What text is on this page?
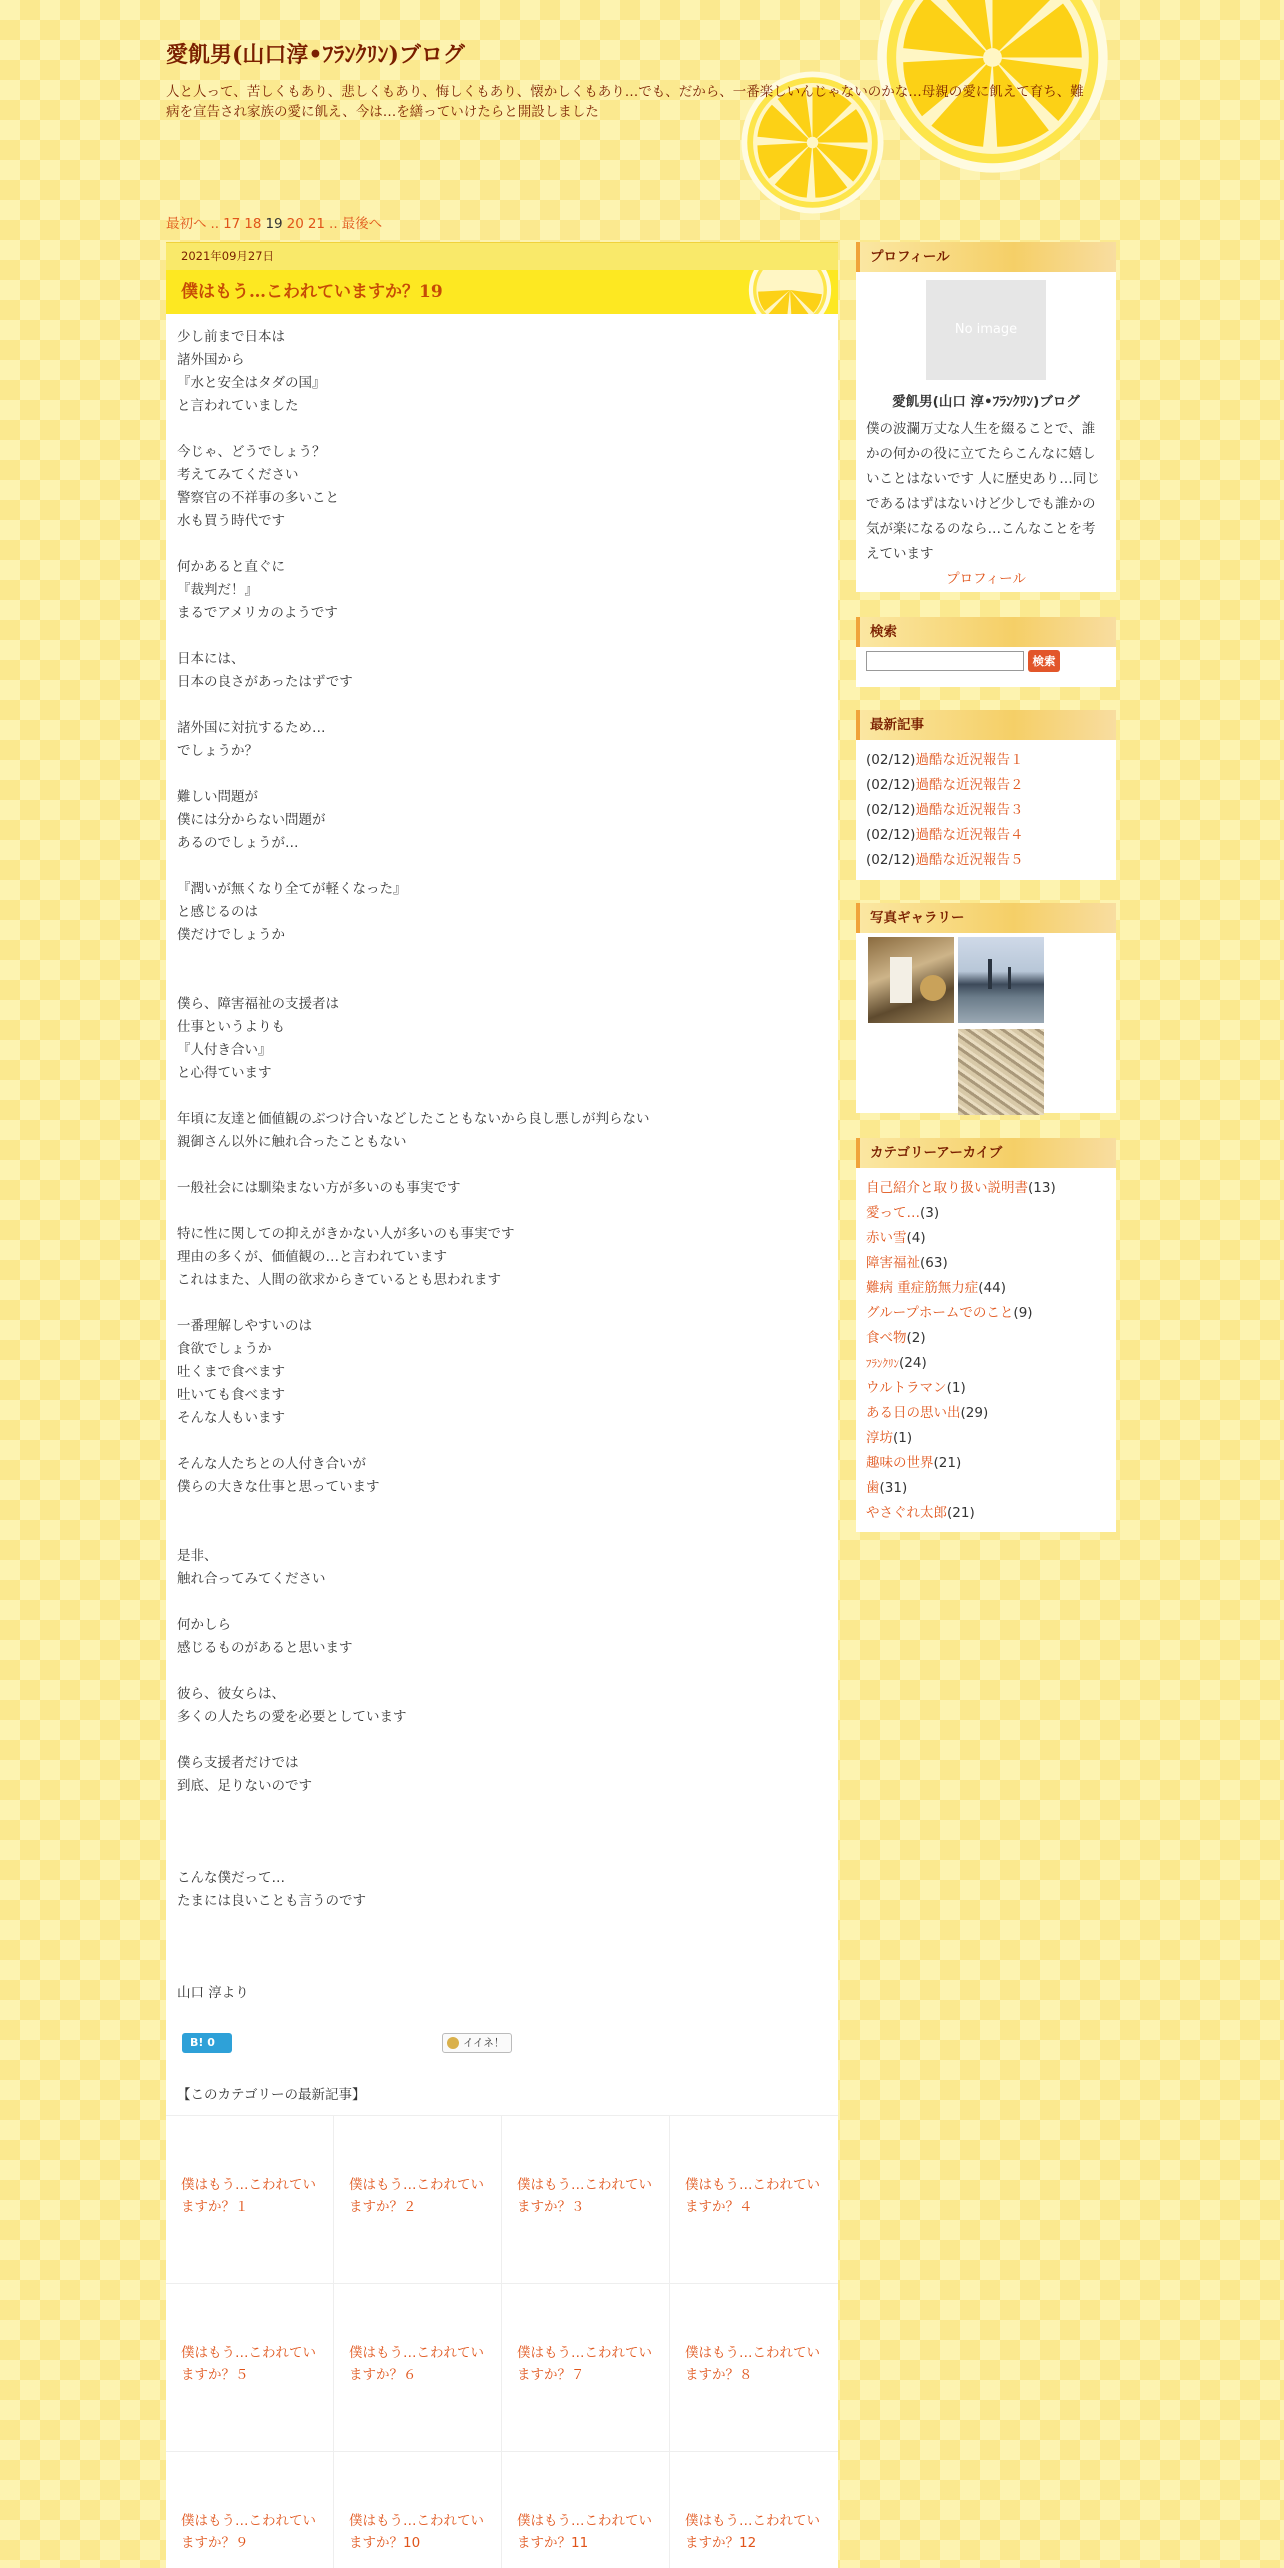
愛飢男(山口淳•ﾌﾗﾝｸﾘﾝ)ブログ
人と人って、苦しくもあり、悲しくもあり、悔しくもあり、懐かしくもあり…でも、だから、一番楽しいんじゃないのかな…母親の愛に飢えて育ち、難病を宣告され家族の愛に飢え、今は…を繕っていけたらと開設しました
最初へ .. 17 18 19 20 21 .. 最後へ
2021年09月27日
僕はもう…こわれていますか？19
少し前まで日本は
諸外国から
『水と安全はタダの国』
と言われていました
今じゃ、どうでしょう？
考えてみてください
警察官の不祥事の多いこと
水も買う時代です
何かあると直ぐに
『裁判だ！』
まるでアメリカのようです
日本には、
日本の良さがあったはずです
諸外国に対抗するため…
でしょうか？
難しい問題が
僕には分からない問題が
あるのでしょうが…
『潤いが無くなり全てが軽くなった』
と感じるのは
僕だけでしょうか
僕ら、障害福祉の支援者は
仕事というよりも
『人付き合い』
と心得ています
年頃に友達と価値観のぶつけ合いなどしたこともないから良し悪しが判らない
親御さん以外に触れ合ったこともない
一般社会には馴染まない方が多いのも事実です
特に性に関しての抑えがきかない人が多いのも事実です
理由の多くが、価値観の…と言われています
これはまた、人間の欲求からきているとも思われます
一番理解しやすいのは
食欲でしょうか
吐くまで食べます
吐いても食べます
そんな人もいます
そんな人たちとの人付き合いが
僕らの大きな仕事と思っています
是非、
触れ合ってみてください
何かしら
感じるものがあると思います
彼ら、彼女らは、
多くの人たちの愛を必要としています
僕ら支援者だけでは
到底、足りないのです
こんな僕だって…
たまには良いことも言うのです
山口 淳より
B! 0	イイネ！
【このカテゴリーの最新記事】
僕はもう…こわれていますか？１
僕はもう…こわれていますか？２
僕はもう…こわれていますか？３
僕はもう…こわれていますか？４
僕はもう…こわれていますか？５
僕はもう…こわれていますか？６
僕はもう…こわれていますか？７
僕はもう…こわれていますか？８
僕はもう…こわれていますか？９
僕はもう…こわれていますか？10
僕はもう…こわれていますか？11
僕はもう…こわれていますか？12
プロフィール
No image
愛飢男(山口 淳•ﾌﾗﾝｸﾘﾝ)ブログ
僕の波瀾万丈な人生を綴ることで、誰かの何かの役に立てたらこんなに嬉しいことはないです 人に歴史あり…同じであるはずはないけど少しでも誰かの気が楽になるのなら…こんなことを考えています
プロフィール
検索
検索
最新記事
(02/12)過酷な近況報告１
(02/12)過酷な近況報告２
(02/12)過酷な近況報告３
(02/12)過酷な近況報告４
(02/12)過酷な近況報告５
写真ギャラリー
カテゴリーアーカイブ
自己紹介と取り扱い説明書(13)
愛って…(3)
赤い雪(4)
障害福祉(63)
難病 重症筋無力症(44)
グループホームでのこと(9)
食べ物(2)
ﾌﾗﾝｸﾘﾝ(24)
ウルトラマン(1)
ある日の思い出(29)
淳坊(1)
趣味の世界(21)
歯(31)
やさぐれ太郎(21)
